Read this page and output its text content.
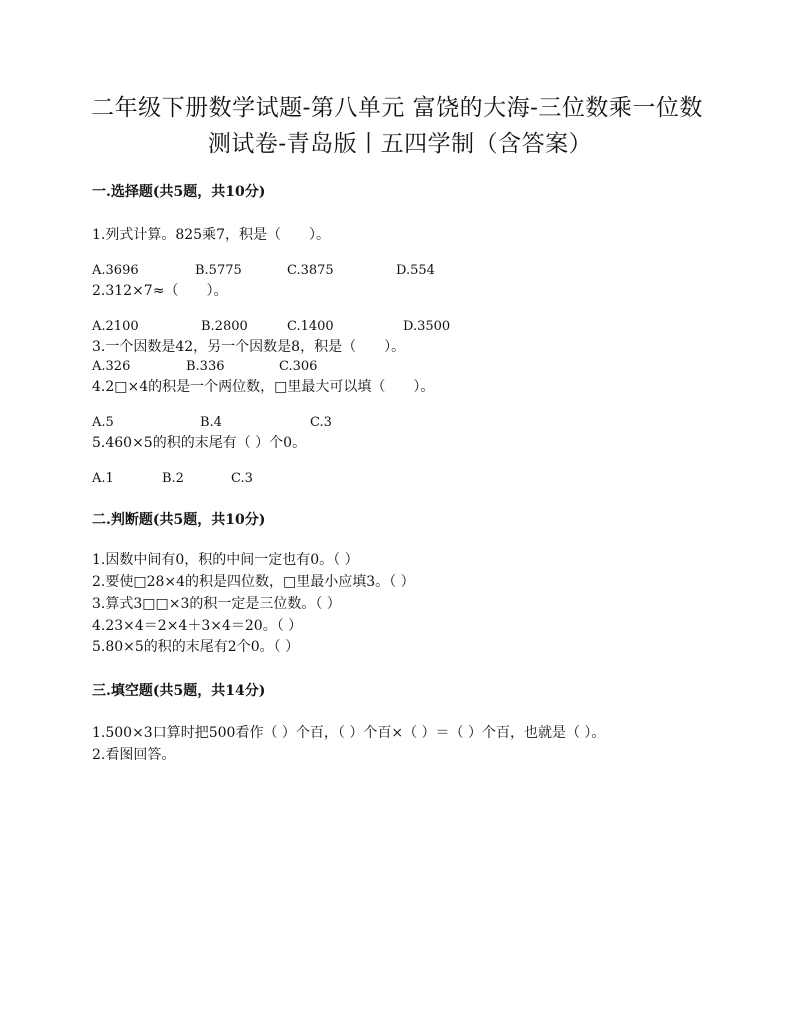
二年级下册数学试题-第八单元 富饶的大海-三位数乘一位数
测试卷-青岛版丨五四学制（含答案）
一.选择题(共5题，共10分)
1.列式计算。825乘7，积是（　　）。
A.3696	B.5775	C.3875	D.554
2.312×7≈（　　）。
A.2100	B.2800	C.1400	D.3500
3.一个因数是42，另一个因数是8，积是（　　）。
A.326	B.336	C.306
4.2□×4的积是一个两位数，□里最大可以填（　　）。
A.5	B.4	C.3
5.460×5的积的末尾有（ ）个0。
A.1	B.2	C.3
二.判断题(共5题，共10分)
1.因数中间有0，积的中间一定也有0。（ ）
2.要使□28×4的积是四位数，□里最小应填3。（ ）
3.算式3□□×3的积一定是三位数。（ ）
4.23×4＝2×4＋3×4＝20。（ ）
5.80×5的积的末尾有2个0。（ ）
三.填空题(共5题，共14分)
1.500×3口算时把500看作（ ）个百，（ ）个百×（ ）＝（ ）个百，也就是（ ）。
2.看图回答。
